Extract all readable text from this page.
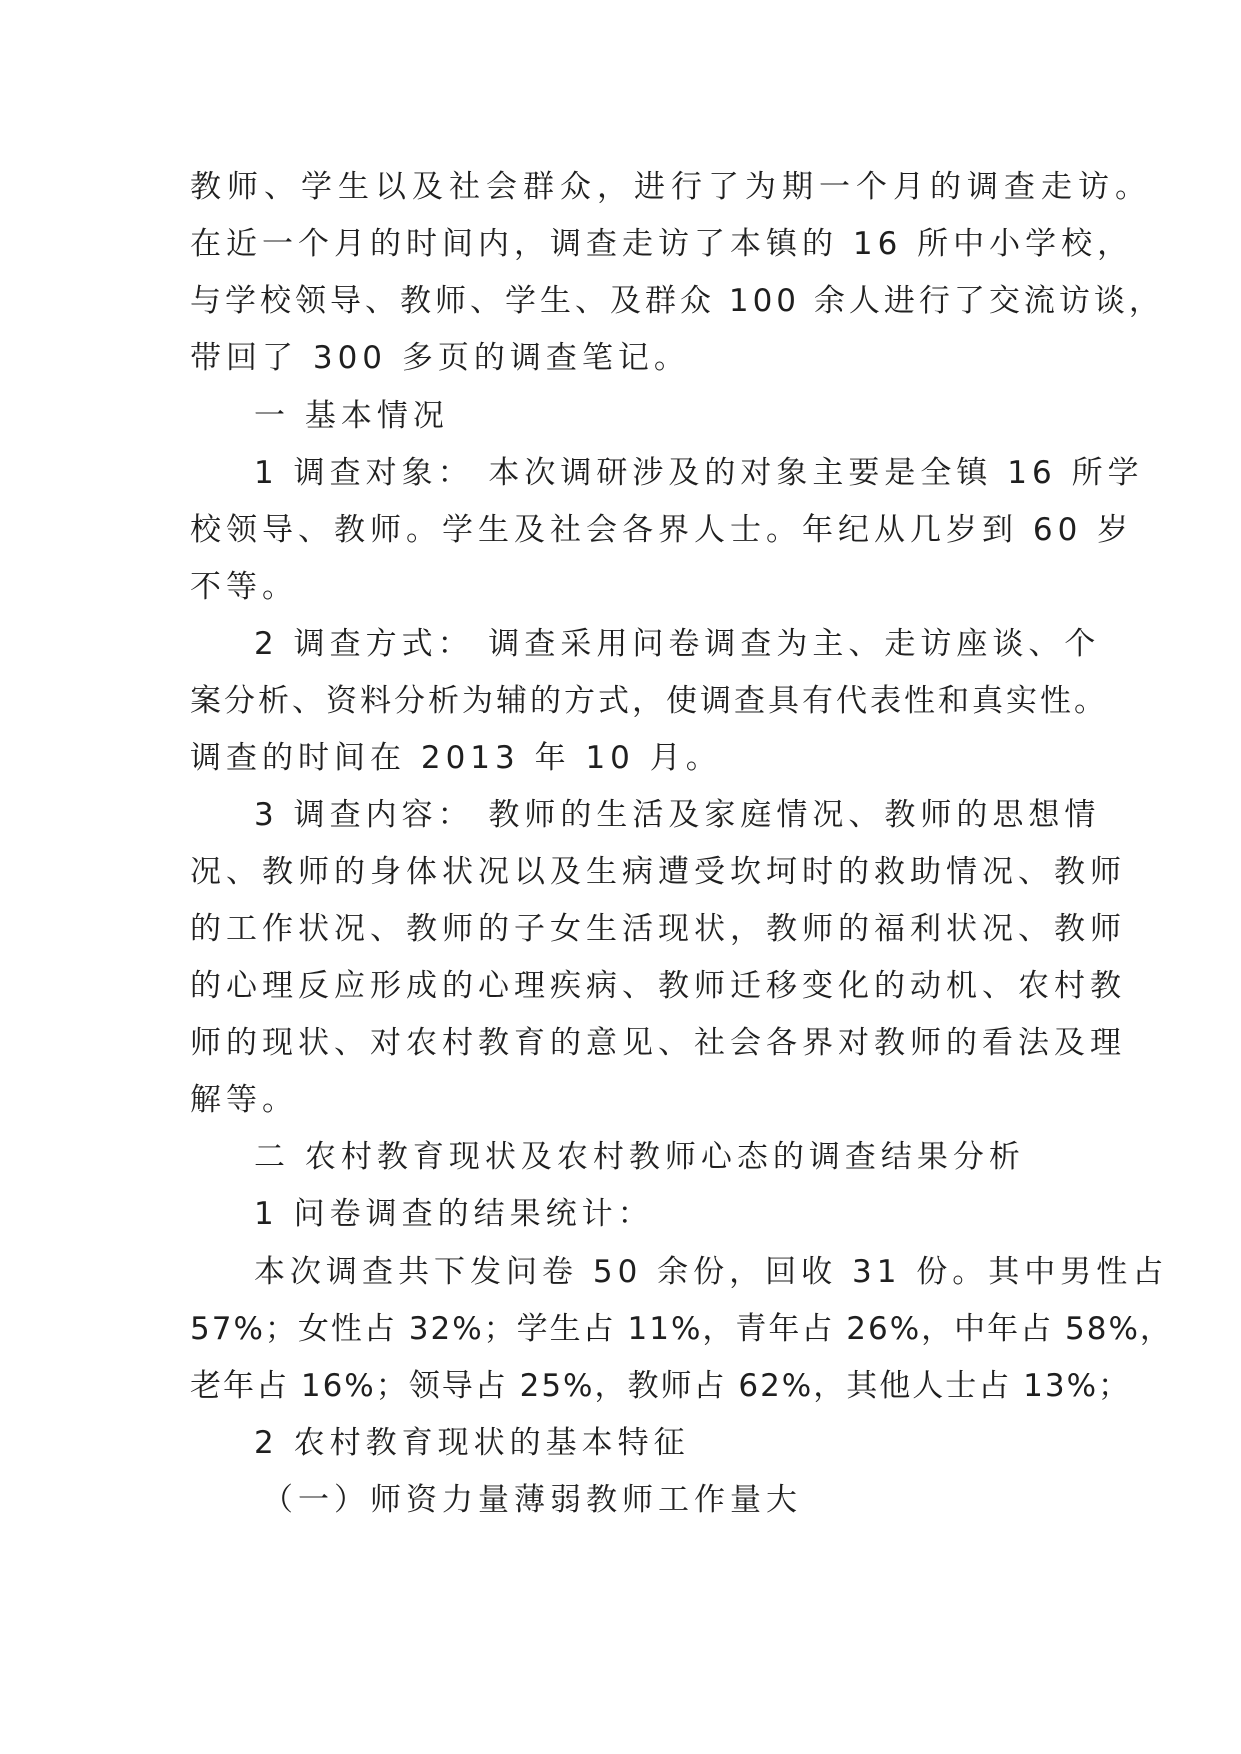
教师、学生以及社会群众，进行了为期一个月的调查走访。
在近一个月的时间内，调查走访了本镇的 16 所中小学校，
与学校领导、教师、学生、及群众 100 余人进行了交流访谈，
带回了 300 多页的调查笔记。
一 基本情况
1 调查对象： 本次调研涉及的对象主要是全镇 16 所学
校领导、教师。学生及社会各界人士。年纪从几岁到 60 岁
不等。
2 调查方式： 调查采用问卷调查为主、走访座谈、个
案分析、资料分析为辅的方式，使调查具有代表性和真实性。
调查的时间在 2013 年 10 月。
3 调查内容： 教师的生活及家庭情况、教师的思想情
况、教师的身体状况以及生病遭受坎坷时的救助情况、教师
的工作状况、教师的子女生活现状，教师的福利状况、教师
的心理反应形成的心理疾病、教师迁移变化的动机、农村教
师的现状、对农村教育的意见、社会各界对教师的看法及理
解等。
二 农村教育现状及农村教师心态的调查结果分析
1 问卷调查的结果统计：
本次调查共下发问卷 50 余份，回收 31 份。其中男性占
57%；女性占 32%；学生占 11%，青年占 26%，中年占 58%，
老年占 16%；领导占 25%，教师占 62%，其他人士占 13%；
2 农村教育现状的基本特征
（一）师资力量薄弱教师工作量大
